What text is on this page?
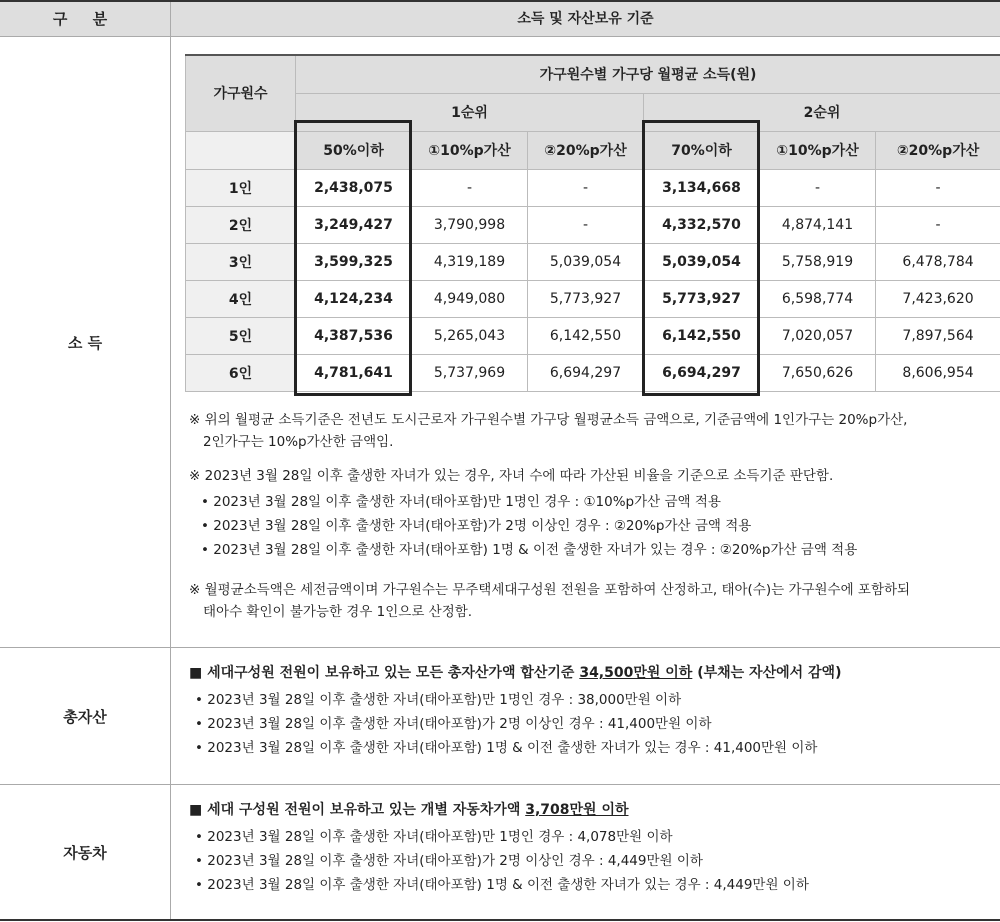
구 분	소득 및 자산보유 기준
소 득
가구원수	가구원수별 가구당 월평균 소득(원)					
	1순위			2순위		
	50%이하	①10%p가산	②20%p가산	70%이하	①10%p가산	②20%p가산
1인	2,438,075	-	-	3,134,668	-	-
2인	3,249,427	3,790,998	-	4,332,570	4,874,141	-
3인	3,599,325	4,319,189	5,039,054	5,039,054	5,758,919	6,478,784
4인	4,124,234	4,949,080	5,773,927	5,773,927	6,598,774	7,423,620
5인	4,387,536	5,265,043	6,142,550	6,142,550	7,020,057	7,897,564
6인	4,781,641	5,737,969	6,694,297	6,694,297	7,650,626	8,606,954
※ 위의 월평균 소득기준은 전년도 도시근로자 가구원수별 가구당 월평균소득 금액으로, 기준금액에 1인가구는 20%p가산,
2인가구는 10%p가산한 금액임.
※ 2023년 3월 28일 이후 출생한 자녀가 있는 경우, 자녀 수에 따라 가산된 비율을 기준으로 소득기준 판단함.
• 2023년 3월 28일 이후 출생한 자녀(태아포함)만 1명인 경우 : ①10%p가산 금액 적용
• 2023년 3월 28일 이후 출생한 자녀(태아포함)가 2명 이상인 경우 : ②20%p가산 금액 적용
• 2023년 3월 28일 이후 출생한 자녀(태아포함) 1명 & 이전 출생한 자녀가 있는 경우 : ②20%p가산 금액 적용
※ 월평균소득액은 세전금액이며 가구원수는 무주택세대구성원 전원을 포함하여 산정하고, 태아(수)는 가구원수에 포함하되
태아수 확인이 불가능한 경우 1인으로 산정함.
총자산
■ 세대구성원 전원이 보유하고 있는 모든 총자산가액 합산기준 34,500만원 이하 (부채는 자산에서 감액)
• 2023년 3월 28일 이후 출생한 자녀(태아포함)만 1명인 경우 : 38,000만원 이하
• 2023년 3월 28일 이후 출생한 자녀(태아포함)가 2명 이상인 경우 : 41,400만원 이하
• 2023년 3월 28일 이후 출생한 자녀(태아포함) 1명 & 이전 출생한 자녀가 있는 경우 : 41,400만원 이하
자동차
■ 세대 구성원 전원이 보유하고 있는 개별 자동차가액 3,708만원 이하
• 2023년 3월 28일 이후 출생한 자녀(태아포함)만 1명인 경우 : 4,078만원 이하
• 2023년 3월 28일 이후 출생한 자녀(태아포함)가 2명 이상인 경우 : 4,449만원 이하
• 2023년 3월 28일 이후 출생한 자녀(태아포함) 1명 & 이전 출생한 자녀가 있는 경우 : 4,449만원 이하
